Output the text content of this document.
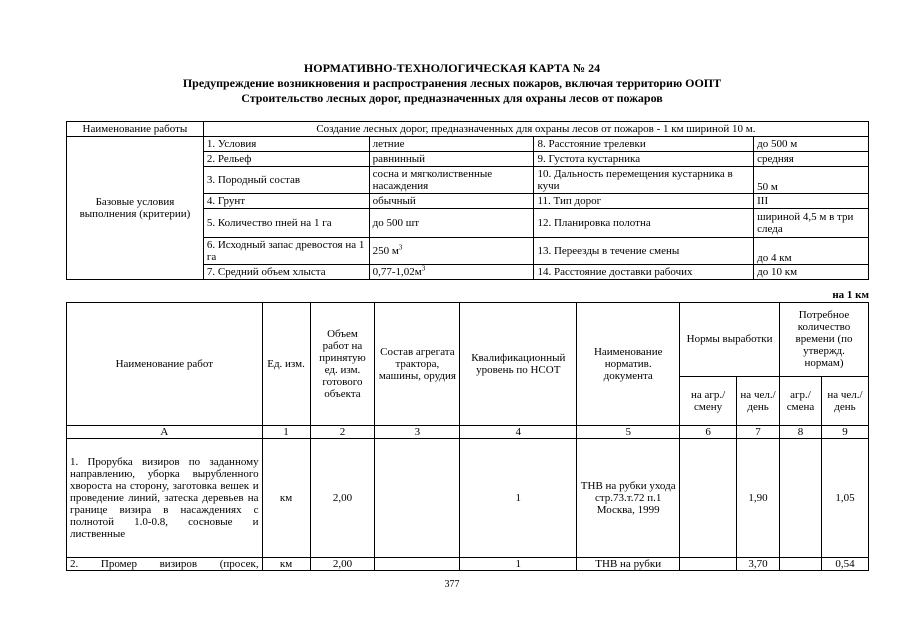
НОРМАТИВНО-ТЕХНОЛОГИЧЕСКАЯ КАРТА № 24
Предупреждение возникновения и распространения лесных пожаров, включая территорию ООПТ
Строительство лесных дорог, предназначенных для охраны лесов от пожаров
Наименование работы	Создание лесных дорог, предназначенных для охраны лесов от пожаров - 1 км шириной 10 м.			
Базовые условия выполнения (критерии)	1. Условия	летние	8. Расстояние трелевки	до 500 м
	2. Рельеф	равнинный	9. Густота кустарника	средняя
	3. Породный состав	сосна и мягколиственные насаждения	10. Дальность перемещения кустарника в кучи	50 м
	4. Грунт	обычный	11. Тип дорог	III
	5. Количество пней на 1 га	до 500 шт	12. Планировка полотна	шириной 4,5 м в три следа
	6. Исходный запас древостоя на 1 га	250 $м^3$	13. Переезды в течение смены	до 4 км
	7. Средний объем хлыста	$0,77-1,02м^3$	14. Расстояние доставки рабочих	до 10 км
на 1 км
Наименование работ	Ед. изм.	Объем работ на принятую ед. изм. готового объекта	Состав агрегата трактора, машины, орудия	Квалификационный уровень по НСОТ	Наименование норматив. документа	Нормы выработки		Потребное количество времени (по утвержд. нормам)	
						на агр./ смену	на чел./ день	агр./ смена	на чел./ день
А	1	2	3	4	5	6	7	8	9
1. Прорубка визиров по заданному направлению, уборка вырубленного хвороста на сторону, заготовка вешек и проведение линий, затеска деревьев на границе визира в насаждениях с полнотой 1.0-0.8, сосновые и лиственные	км	2,00		1	ТНВ на рубки ухода стр.73.т.72 п.1 Москва, 1999		1,90		1,05
2. Промер визиров (просек,	км	2,00		1	ТНВ на рубки		3,70		0,54
377
